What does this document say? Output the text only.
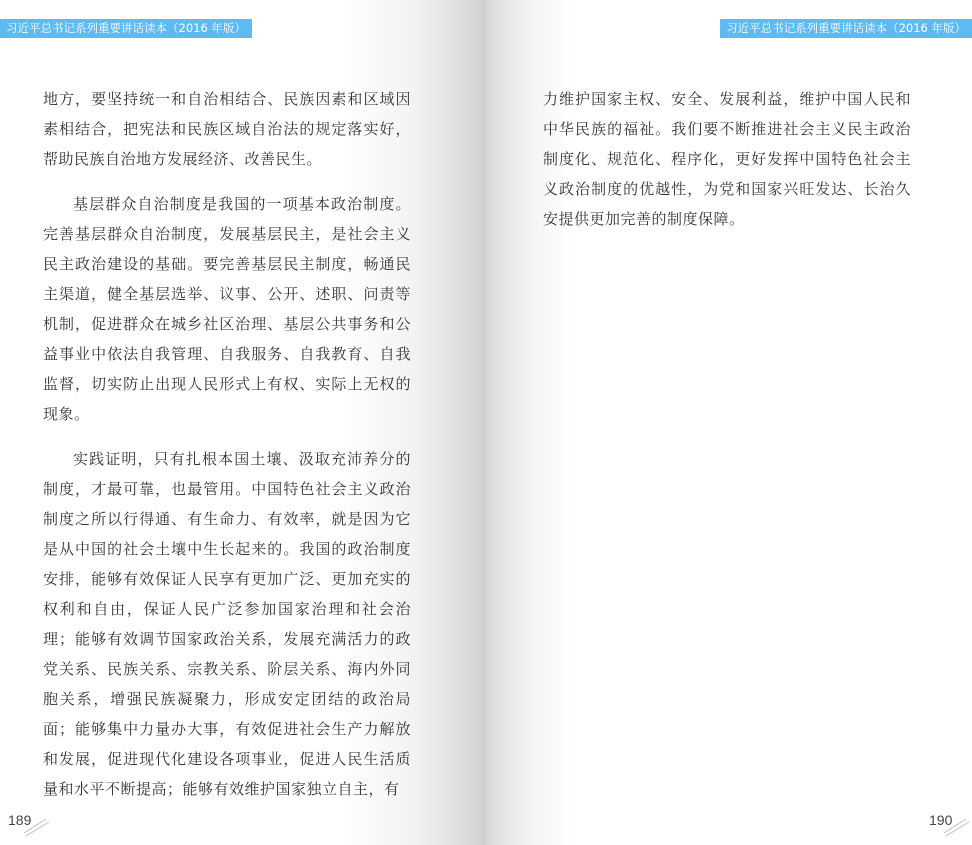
习近平总书记系列重要讲话读本（2016 年版）

地方，要坚持统一和自治相结合、民族因素和区域因素相结合，把宪法和民族区域自治法的规定落实好，帮助民族自治地方发展经济、改善民生。

基层群众自治制度是我国的一项基本政治制度。完善基层群众自治制度，发展基层民主，是社会主义民主政治建设的基础。要完善基层民主制度，畅通民主渠道，健全基层选举、议事、公开、述职、问责等机制，促进群众在城乡社区治理、基层公共事务和公益事业中依法自我管理、自我服务、自我教育、自我监督，切实防止出现人民形式上有权、实际上无权的现象。

实践证明，只有扎根本国土壤、汲取充沛养分的制度，才最可靠，也最管用。中国特色社会主义政治制度之所以行得通、有生命力、有效率，就是因为它是从中国的社会土壤中生长起来的。我国的政治制度安排，能够有效保证人民享有更加广泛、更加充实的权利和自由，保证人民广泛参加国家治理和社会治理；能够有效调节国家政治关系，发展充满活力的政党关系、民族关系、宗教关系、阶层关系、海内外同胞关系，增强民族凝聚力，形成安定团结的政治局面；能够集中力量办大事，有效促进社会生产力解放和发展，促进现代化建设各项事业，促进人民生活质量和水平不断提高；能够有效维护国家独立自主，有

189
习近平总书记系列重要讲话读本（2016 年版）

力维护国家主权、安全、发展利益，维护中国人民和中华民族的福祉。我们要不断推进社会主义民主政治制度化、规范化、程序化，更好发挥中国特色社会主义政治制度的优越性，为党和国家兴旺发达、长治久安提供更加完善的制度保障。

190
